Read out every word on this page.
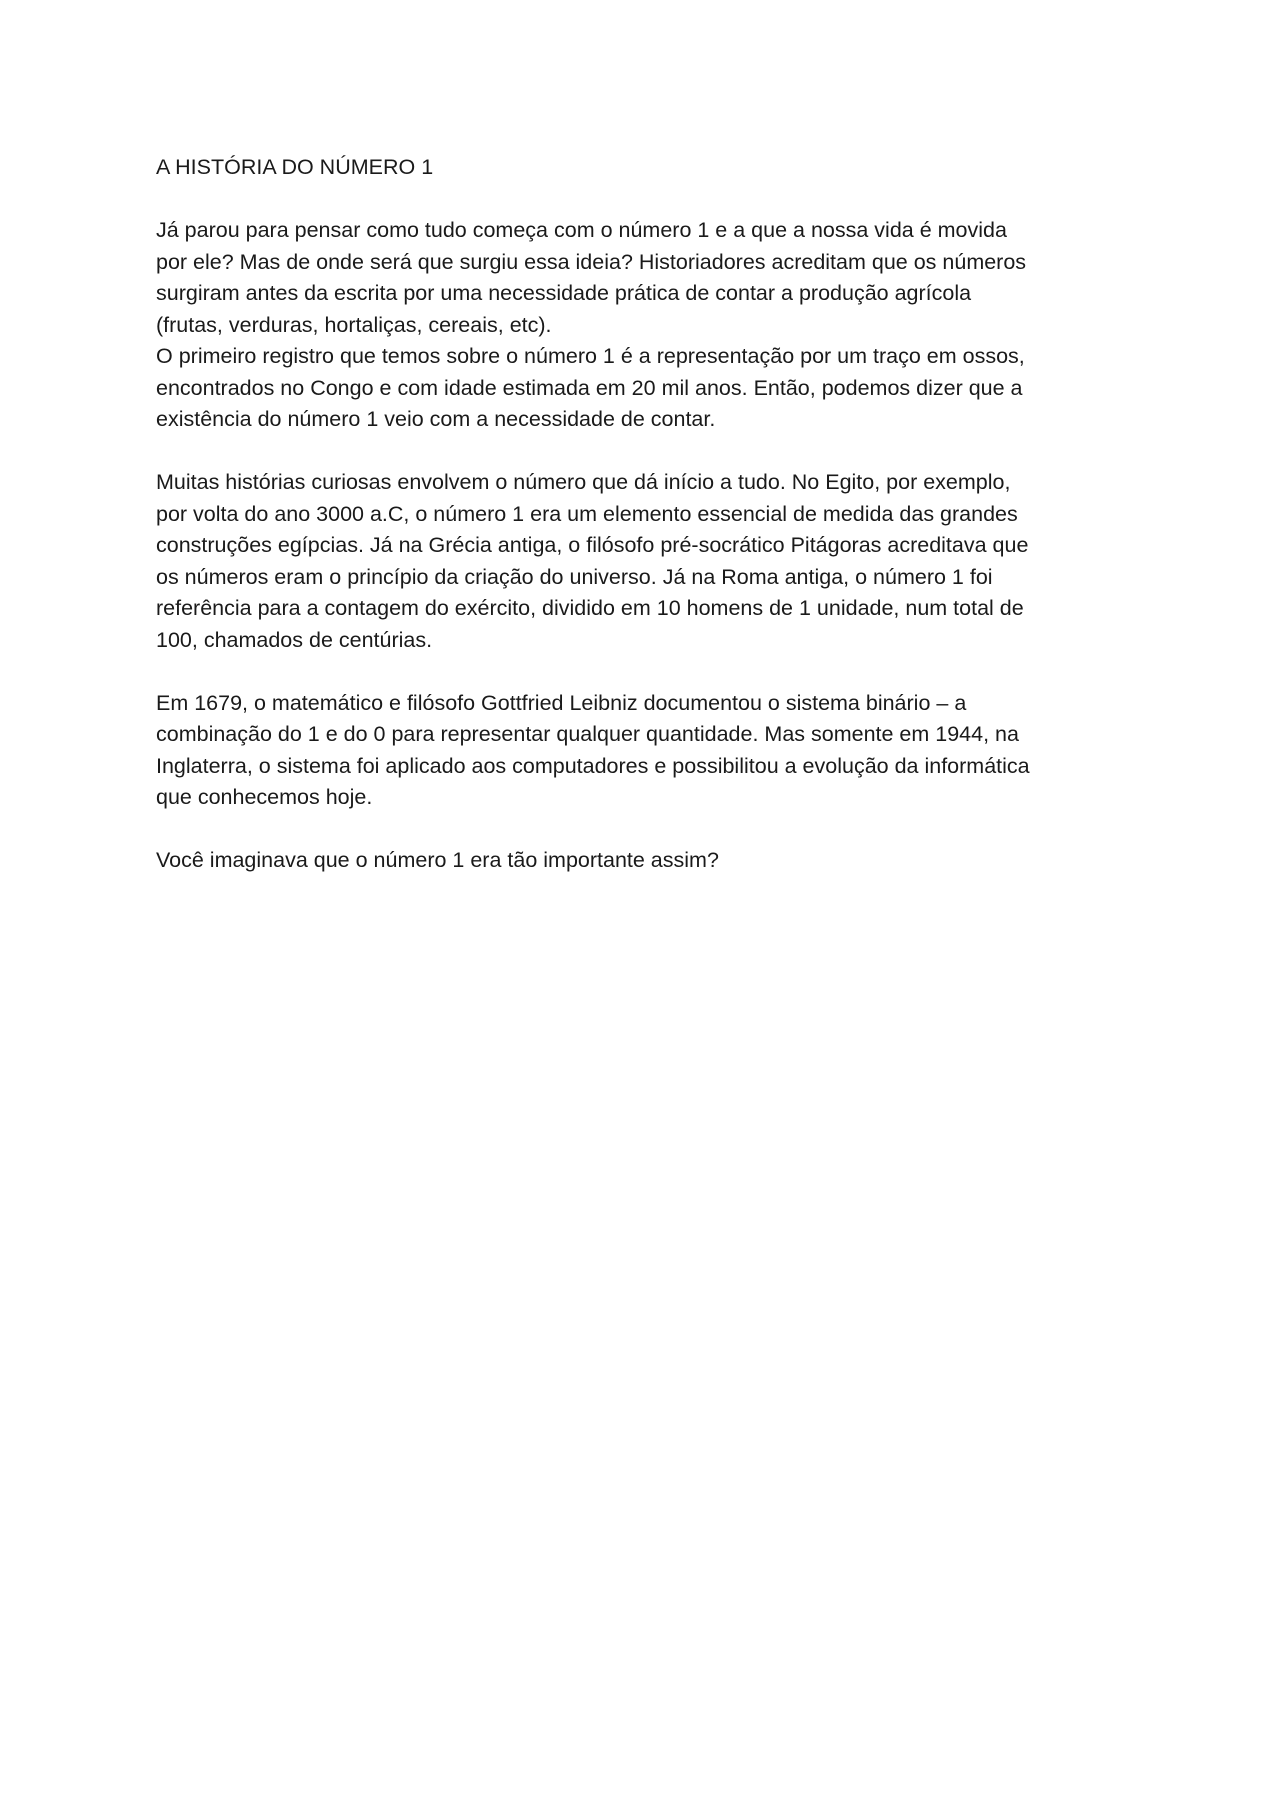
A HISTÓRIA DO NÚMERO 1

Já parou para pensar como tudo começa com o número 1 e a que a nossa vida é movida
por ele? Mas de onde será que surgiu essa ideia? Historiadores acreditam que os números
surgiram antes da escrita por uma necessidade prática de contar a produção agrícola
(frutas, verduras, hortaliças, cereais, etc).

O primeiro registro que temos sobre o número 1 é a representação por um traço em ossos,
encontrados no Congo e com idade estimada em 20 mil anos. Então, podemos dizer que a
existência do número 1 veio com a necessidade de contar.

Muitas histórias curiosas envolvem o número que dá início a tudo. No Egito, por exemplo,
por volta do ano 3000 a.C, o número 1 era um elemento essencial de medida das grandes
construções egípcias. Já na Grécia antiga, o filósofo pré-socrático Pitágoras acreditava que
os números eram o princípio da criação do universo. Já na Roma antiga, o número 1 foi
referência para a contagem do exército, dividido em 10 homens de 1 unidade, num total de
100, chamados de centúrias.

Em 1679, o matemático e filósofo Gottfried Leibniz documentou o sistema binário – a
combinação do 1 e do 0 para representar qualquer quantidade. Mas somente em 1944, na
Inglaterra, o sistema foi aplicado aos computadores e possibilitou a evolução da informática
que conhecemos hoje.

Você imaginava que o número 1 era tão importante assim?
